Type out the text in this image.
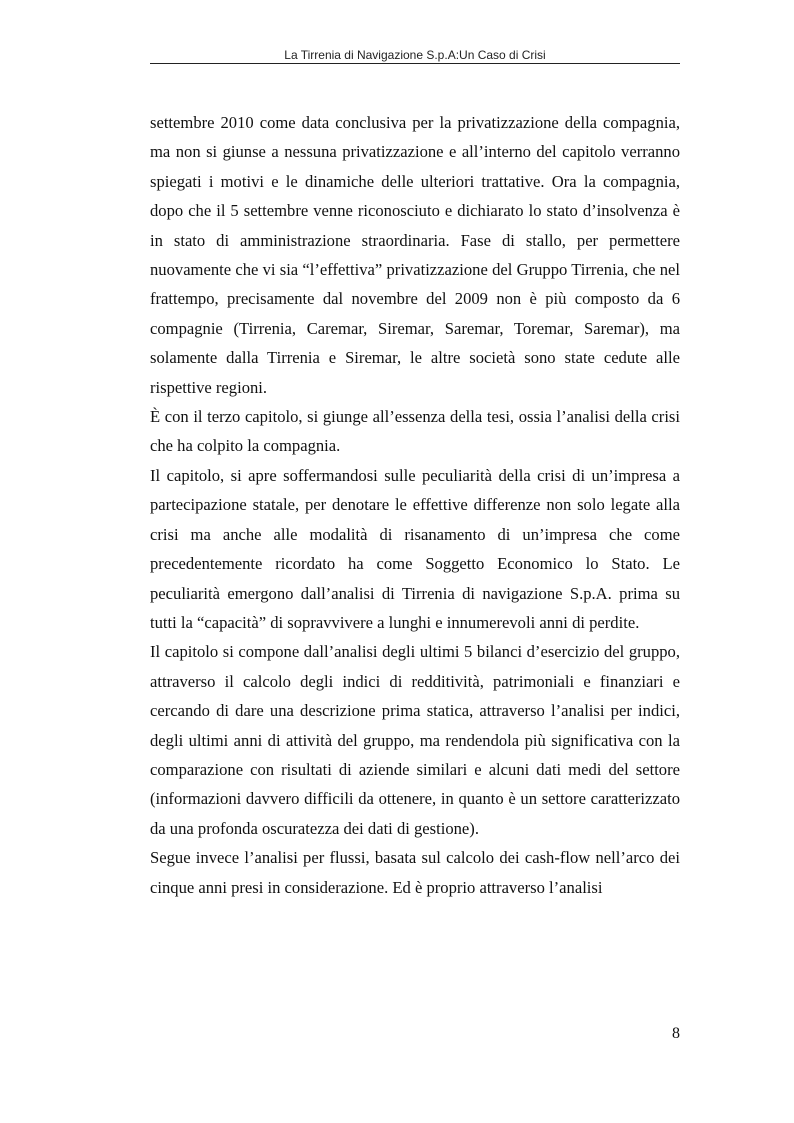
La Tirrenia di Navigazione S.p.A:Un Caso di Crisi

settembre 2010 come data conclusiva per la privatizzazione della compagnia, ma non si giunse a nessuna privatizzazione e all’interno del capitolo verranno spiegati i motivi e le dinamiche delle ulteriori trattative. Ora la compagnia, dopo che il 5 settembre venne riconosciuto e dichiarato lo stato d’insolvenza è in stato di amministrazione straordinaria. Fase di stallo, per permettere nuovamente che vi sia “l’effettiva” privatizzazione del Gruppo Tirrenia, che nel frattempo, precisamente dal novembre del 2009 non è più composto da 6 compagnie (Tirrenia, Caremar, Siremar, Saremar, Toremar, Saremar), ma solamente dalla Tirrenia e Siremar, le altre società sono state cedute alle rispettive regioni.

È con il terzo capitolo, si giunge all’essenza della tesi, ossia l’analisi della crisi che ha colpito la compagnia.

Il capitolo, si apre soffermandosi sulle peculiarità della crisi di un’impresa a partecipazione statale, per denotare le effettive differenze non solo legate alla crisi ma anche alle modalità di risanamento di un’impresa che come precedentemente ricordato ha come Soggetto Economico lo Stato. Le peculiarità emergono dall’analisi di Tirrenia di navigazione S.p.A. prima su tutti la “capacità” di sopravvivere a lunghi e innumerevoli anni di perdite.

Il capitolo si compone dall’analisi degli ultimi 5 bilanci d’esercizio del gruppo, attraverso il calcolo degli indici di redditività, patrimoniali e finanziari e cercando di dare una descrizione prima statica, attraverso l’analisi per indici, degli ultimi anni di attività del gruppo, ma rendendola più significativa con la comparazione con risultati di aziende similari e alcuni dati medi del settore (informazioni davvero difficili da ottenere, in quanto è un settore caratterizzato da una profonda oscuratezza dei dati di gestione).

Segue invece l’analisi per flussi, basata sul calcolo dei cash-flow nell’arco dei cinque anni presi in considerazione. Ed è proprio attraverso l’analisi

8
